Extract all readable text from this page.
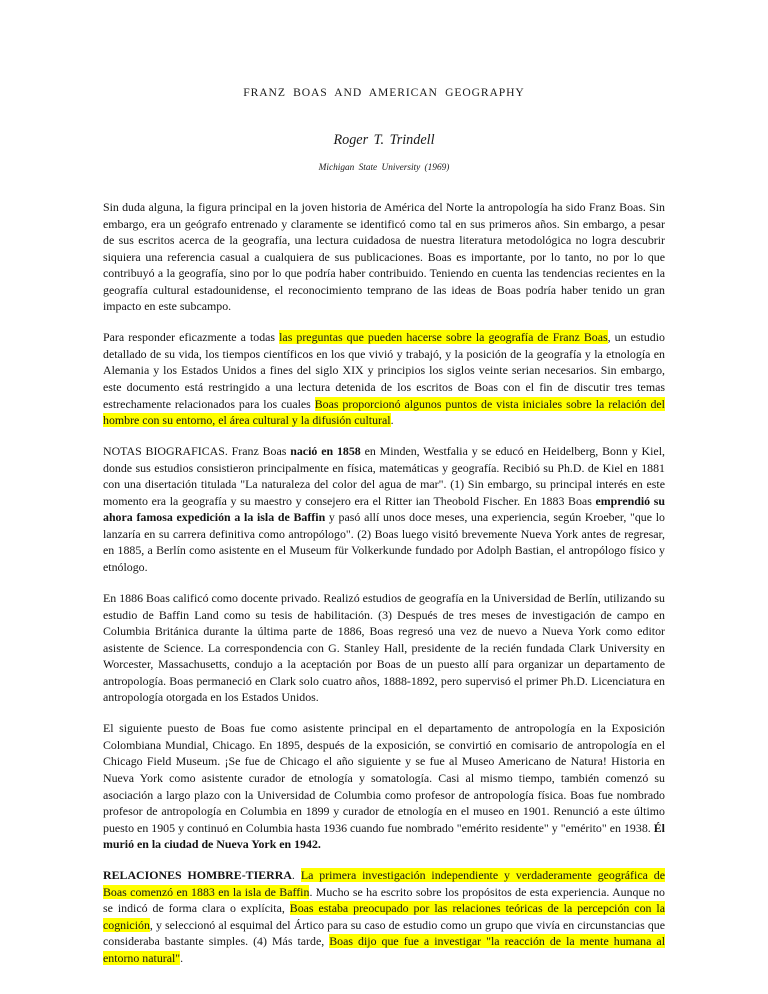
FRANZ BOAS AND AMERICAN GEOGRAPHY
Roger T. Trindell
Michigan State University (1969)

Sin duda alguna, la figura principal en la joven historia de América del Norte la antropología ha sido Franz Boas. Sin embargo, era un geógrafo entrenado y claramente se identificó como tal en sus primeros años. Sin embargo, a pesar de sus escritos acerca de la geografía, una lectura cuidadosa de nuestra literatura metodológica no logra descubrir siquiera una referencia casual a cualquiera de sus publicaciones. Boas es importante, por lo tanto, no por lo que contribuyó a la geografía, sino por lo que podría haber contribuido. Teniendo en cuenta las tendencias recientes en la geografía cultural estadounidense, el reconocimiento temprano de las ideas de Boas podría haber tenido un gran impacto en este subcampo.

Para responder eficazmente a todas las preguntas que pueden hacerse sobre la geografía de Franz Boas, un estudio detallado de su vida, los tiempos científicos en los que vivió y trabajó, y la posición de la geografía y la etnología en Alemania y los Estados Unidos a fines del siglo XIX y principios los siglos veinte serian necesarios. Sin embargo, este documento está restringido a una lectura detenida de los escritos de Boas con el fin de discutir tres temas estrechamente relacionados para los cuales Boas proporcionó algunos puntos de vista iniciales sobre la relación del hombre con su entorno, el área cultural y la difusión cultural.

NOTAS BIOGRAFICAS. Franz Boas nació en 1858 en Minden, Westfalia y se educó en Heidelberg, Bonn y Kiel, donde sus estudios consistieron principalmente en física, matemáticas y geografía. Recibió su Ph.D. de Kiel en 1881 con una disertación titulada "La naturaleza del color del agua de mar". (1) Sin embargo, su principal interés en este momento era la geografía y su maestro y consejero era el Ritter ian Theobold Fischer. En 1883 Boas emprendió su ahora famosa expedición a la isla de Baffin y pasó allí unos doce meses, una experiencia, según Kroeber, "que lo lanzaría en su carrera definitiva como antropólogo". (2) Boas luego visitó brevemente Nueva York antes de regresar, en 1885, a Berlín como asistente en el Museum für Volkerkunde fundado por Adolph Bastian, el antropólogo físico y etnólogo.

En 1886 Boas calificó como docente privado. Realizó estudios de geografía en la Universidad de Berlín, utilizando su estudio de Baffin Land como su tesis de habilitación. (3) Después de tres meses de investigación de campo en Columbia Británica durante la última parte de 1886, Boas regresó una vez de nuevo a Nueva York como editor asistente de Science. La correspondencia con G. Stanley Hall, presidente de la recién fundada Clark University en Worcester, Massachusetts, condujo a la aceptación por Boas de un puesto allí para organizar un departamento de antropología. Boas permaneció en Clark solo cuatro años, 1888-1892, pero supervisó el primer Ph.D. Licenciatura en antropología otorgada en los Estados Unidos.

El siguiente puesto de Boas fue como asistente principal en el departamento de antropología en la Exposición Colombiana Mundial, Chicago. En 1895, después de la exposición, se convirtió en comisario de antropología en el Chicago Field Museum. ¡Se fue de Chicago el año siguiente y se fue al Museo Americano de Natura! Historia en Nueva York como asistente curador de etnología y somatología. Casi al mismo tiempo, también comenzó su asociación a largo plazo con la Universidad de Columbia como profesor de antropología física. Boas fue nombrado profesor de antropología en Columbia en 1899 y curador de etnología en el museo en 1901. Renunció a este último puesto en 1905 y continuó en Columbia hasta 1936 cuando fue nombrado "emérito residente" y "emérito" en 1938. Él murió en la ciudad de Nueva York en 1942.

RELACIONES HOMBRE-TIERRA. La primera investigación independiente y verdaderamente geográfica de Boas comenzó en 1883 en la isla de Baffin. Mucho se ha escrito sobre los propósitos de esta experiencia. Aunque no se indicó de forma clara o explícita, Boas estaba preocupado por las relaciones teóricas de la percepción con la cognición, y seleccionó al esquimal del Ártico para su caso de estudio como un grupo que vivía en circunstancias que consideraba bastante simples. (4) Más tarde, Boas dijo que fue a investigar "la reacción de la mente humana al entorno natural".
